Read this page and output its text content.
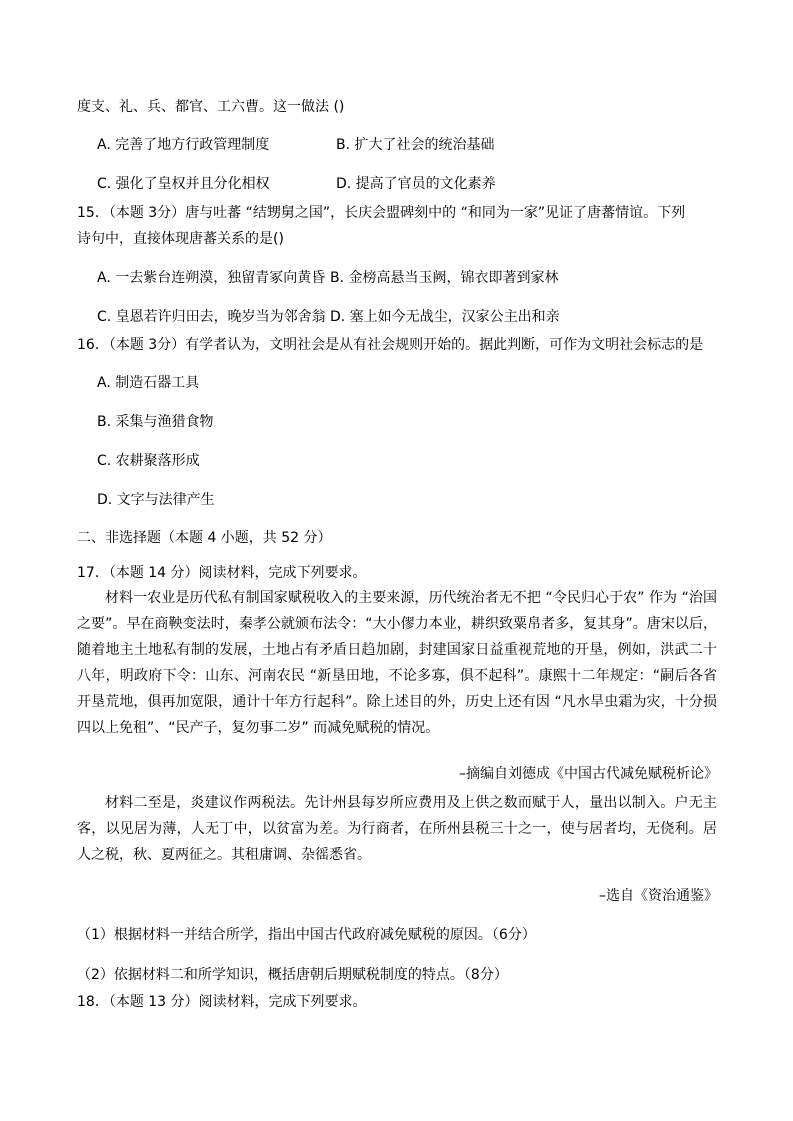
度支、礼、兵、都官、工六曹。这一做法 ()
A. 完善了地方行政管理制度	B. 扩大了社会的统治基础
C. 强化了皇权并且分化相权	D. 提高了官员的文化素养
15．（本题 3分）唐与吐蕃 “结甥舅之国”，长庆会盟碑刻中的 “和同为一家”见证了唐蕃情谊。下列
诗句中，直接体现唐蕃关系的是()
A. 一去紫台连朔漠，独留青冢向黄昏 B. 金榜高悬当玉阙，锦衣即著到家林
C. 皇恩若许归田去，晚岁当为邻舍翁 D. 塞上如今无战尘，汉家公主出和亲
16．（本题 3分）有学者认为，文明社会是从有社会规则开始的。据此判断，可作为文明社会标志的是
A. 制造石器工具
B. 采集与渔猎食物
C. 农耕聚落形成
D. 文字与法律产生
二、非选择题（本题 4 小题，共 52 分）
17．（本题 14 分）阅读材料，完成下列要求。
材料一农业是历代私有制国家赋税收入的主要来源，历代统治者无不把 “令民归心于农” 作为 “治国之要”。早在商鞅变法时，秦孝公就颁布法令：“大小僇力本业，耕织致粟帛者多，复其身”。唐宋以后，随着地主土地私有制的发展，土地占有矛盾日趋加剧，封建国家日益重视荒地的开垦，例如，洪武二十八年，明政府下令：山东、河南农民 “新垦田地，不论多寡，俱不起科”。康熙十二年规定：“嗣后各省开垦荒地，俱再加宽限，通计十年方行起科”。除上述目的外，历史上还有因 “凡水旱虫霜为灾，十分损四以上免租”、“民产子，复勿事二岁” 而减免赋税的情况。
–摘编自刘德成《中国古代减免赋税析论》
材料二至是，炎建议作两税法。先计州县每岁所应费用及上供之数而赋于人，量出以制入。户无主客，以见居为薄，人无丁中，以贫富为差。为行商者，在所州县税三十之一，使与居者均，无侥利。居人之税，秋、夏两征之。其租庸调、杂徭悉省。
–选自《资治通鉴》
（1）根据材料一并结合所学，指出中国古代政府减免赋税的原因。（6分）
（2）依据材料二和所学知识，概括唐朝后期赋税制度的特点。（8分）
18．（本题 13 分）阅读材料，完成下列要求。
